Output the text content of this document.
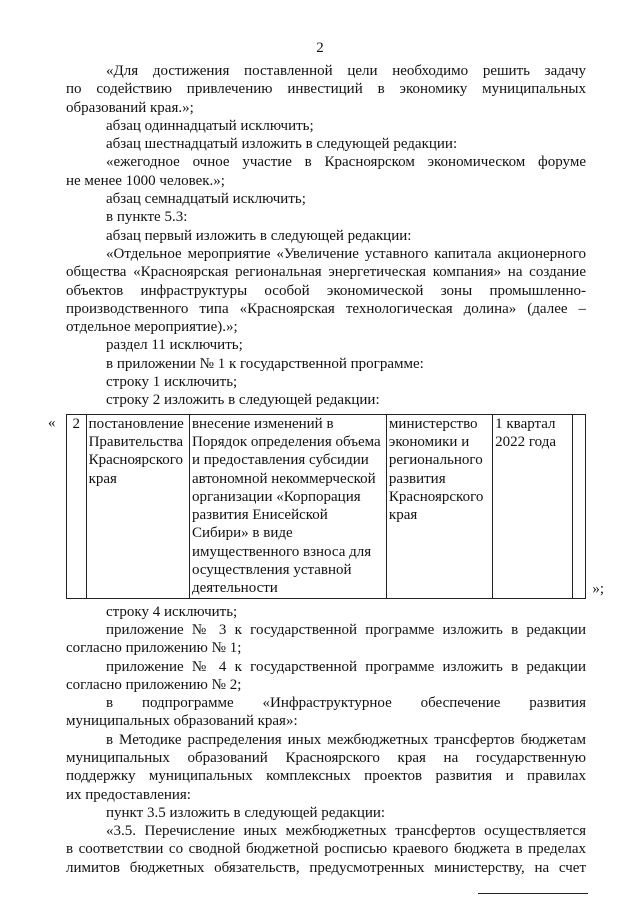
2

«Для достижения поставленной цели необходимо решить задачу

по содействию привлечению инвестиций в экономику муниципальных

образований края.»;

абзац одиннадцатый исключить;

абзац шестнадцатый изложить в следующей редакции:

«ежегодное очное участие в Красноярском экономическом форуме

не менее 1000 человек.»;

абзац семнадцатый исключить;

в пункте 5.3:

абзац первый изложить в следующей редакции:

«Отдельное мероприятие «Увеличение уставного капитала акционерного

общества «Красноярская региональная энергетическая компания» на создание

объектов инфраструктуры особой экономической зоны промышленно-

производственного типа «Красноярская технологическая долина» (далее –

отдельное мероприятие).»;

раздел 11 исключить;

в приложении № 1 к государственной программе:

строку 1 исключить;

строку 2 изложить в следующей редакции:

« 2	постановление Правительства Красноярского края	внесение изменений в Порядок определения объема и предоставления субсидии автономной некоммерческой организации «Корпорация развития Енисейской Сибири» в виде имущественного взноса для осуществления уставной деятельности	министерство экономики и регионального развития Красноярского края	1 квартал 2022 года	
»;

строку 4 исключить;

приложение № 3 к государственной программе изложить в редакции

согласно приложению № 1;

приложение № 4 к государственной программе изложить в редакции

согласно приложению № 2;

в подпрограмме «Инфраструктурное обеспечение развития

муниципальных образований края»:

в Методике распределения иных межбюджетных трансфертов бюджетам

муниципальных образований Красноярского края на государственную

поддержку муниципальных комплексных проектов развития и правилах

их предоставления:

пункт 3.5 изложить в следующей редакции:

«3.5. Перечисление иных межбюджетных трансфертов осуществляется

в соответствии со сводной бюджетной росписью краевого бюджета в пределах

лимитов бюджетных обязательств, предусмотренных министерству, на счет
